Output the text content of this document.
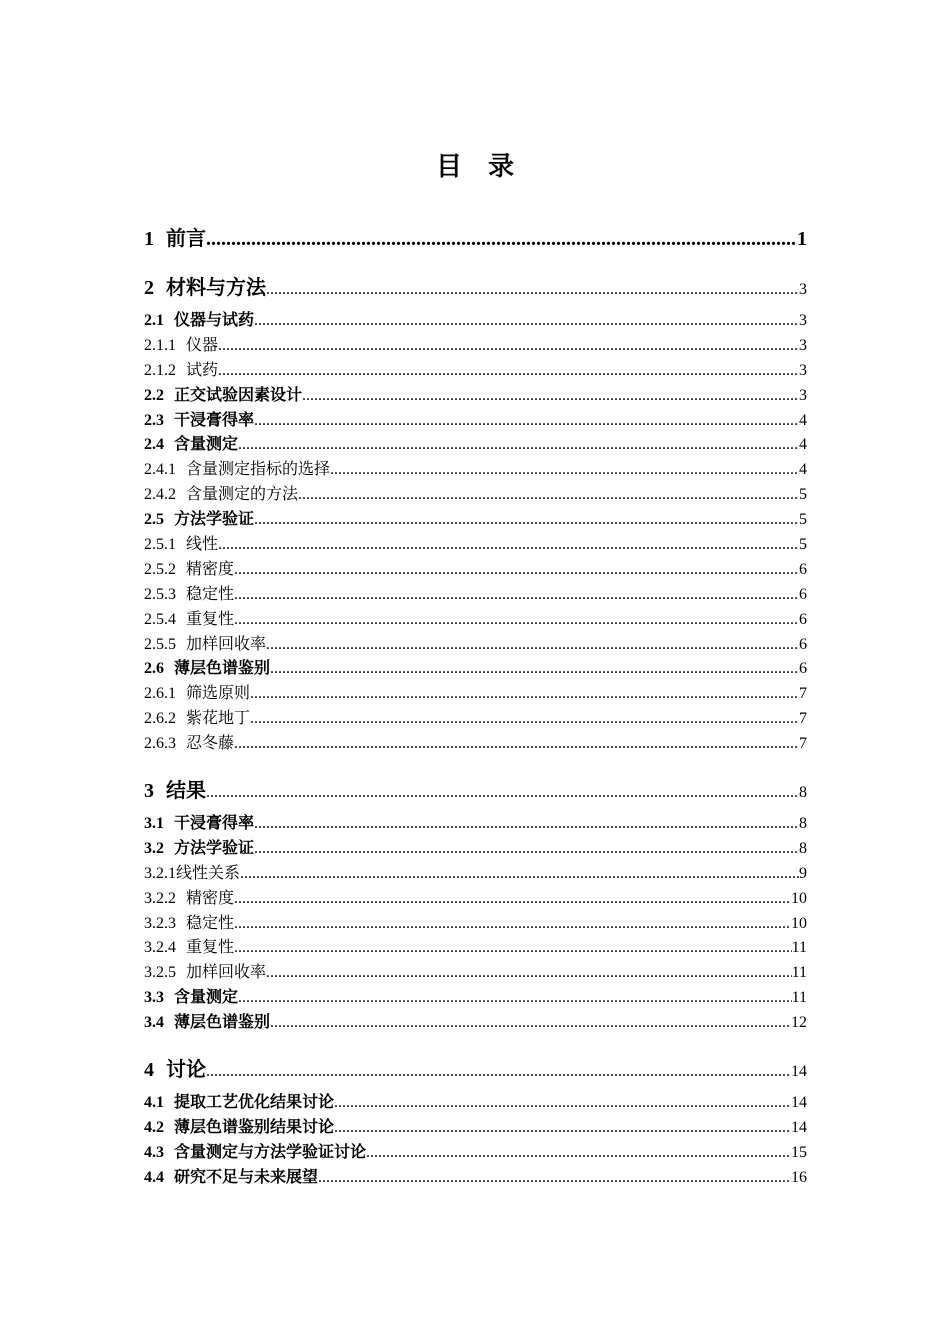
目　录
1 前言 .....	1
2 材料与方法 .....	3
2.1 仪器与试药 .....	3
2.1.1 仪器 .....	3
2.1.2 试药 .....	3
2.2 正交试验因素设计 .....	3
2.3 干浸膏得率 .....	4
2.4 含量测定 .....	4
2.4.1 含量测定指标的选择 .....	4
2.4.2 含量测定的方法 .....	5
2.5 方法学验证 .....	5
2.5.1 线性 .....	5
2.5.2 精密度 .....	6
2.5.3 稳定性 .....	6
2.5.4 重复性 .....	6
2.5.5 加样回收率 .....	6
2.6 薄层色谱鉴别 .....	6
2.6.1 筛选原则 .....	7
2.6.2 紫花地丁 .....	7
2.6.3 忍冬藤 .....	7
3 结果 .....	8
3.1 干浸膏得率 .....	8
3.2 方法学验证 .....	8
3.2.1 线性关系 .....	9
3.2.2 精密度 .....	10
3.2.3 稳定性 .....	10
3.2.4 重复性 .....	11
3.2.5 加样回收率 .....	11
3.3 含量测定 .....	11
3.4 薄层色谱鉴别 .....	12
4 讨论 .....	14
4.1 提取工艺优化结果讨论 .....	14
4.2 薄层色谱鉴别结果讨论 .....	14
4.3 含量测定与方法学验证讨论 .....	15
4.4 研究不足与未来展望 .....	16
